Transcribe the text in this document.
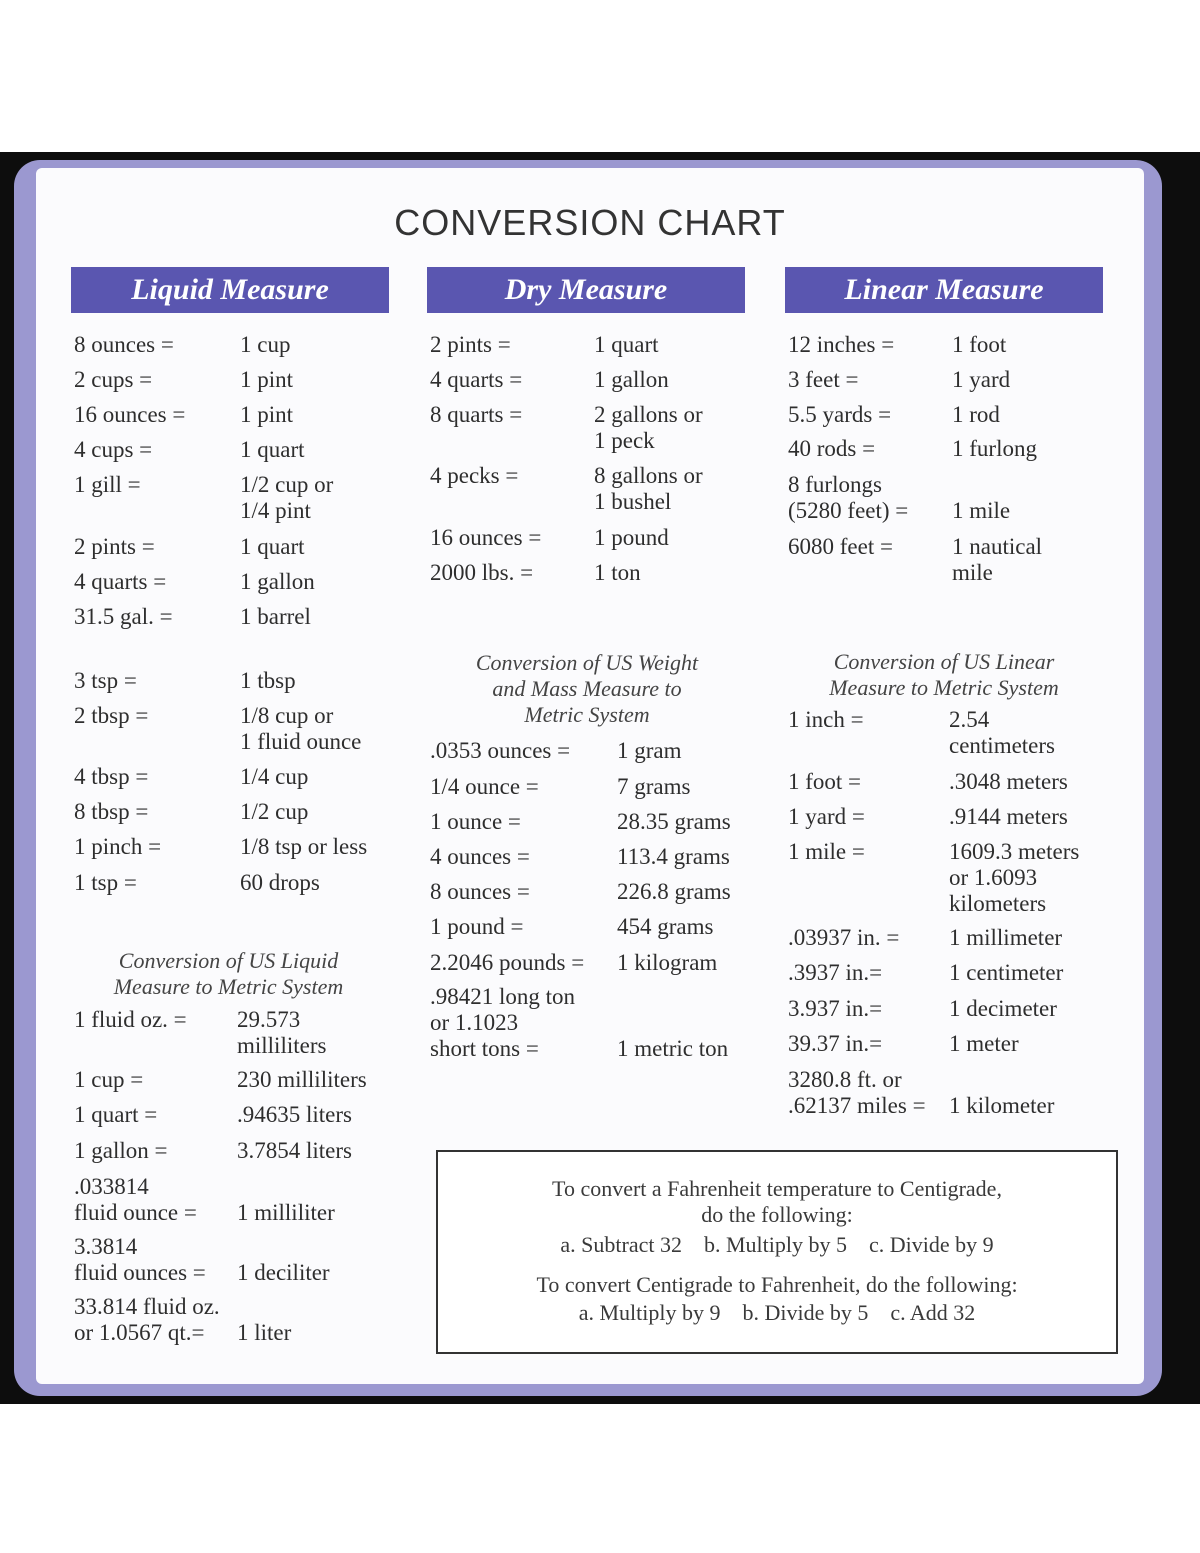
CONVERSION CHART
Liquid Measure	Dry Measure	Linear Measure
8 ounces =	1 cup
2 cups =	1 pint
16 ounces = 1 pint
4 cups =	1 quart
1 gill =	1/2 cup or
1/4 pint
2 pints =	1 quart
4 quarts =	1 gallon
31.5 gal. =	1 barrel
3 tsp =	1 tbsp
2 tbsp =	1/8 cup or
1 fluid ounce
4 tbsp =	1/4 cup
8 tbsp =	1/2 cup
1 pinch =	1/8 tsp or less
1 tsp =	60 drops
Conversion of US Liquid
Measure to Metric System
1 fluid oz. = 29.573
milliliters
1 cup =	230 milliliters
1 quart =	.94635 liters
1 gallon =	3.7854 liters
.033814
fluid ounce = 1 milliliter
3.3814
fluid ounces = 1 deciliter
33.814 fluid oz.
or 1.0567 qt.=	1 liter
2 pints =	1 quart
4 quarts =	1 gallon
8 quarts =	2 gallons or
1 peck
4 pecks =	8 gallons or
1 bushel
16 ounces = 1 pound
2000 lbs. =	1 ton
Conversion of US Weight
and Mass Measure to
Metric System
.0353 ounces = 1 gram
1/4 ounce =	7 grams
1 ounce =	28.35 grams
4 ounces =	113.4 grams
8 ounces =	226.8 grams
1 pound =	454 grams
2.2046 pounds = 1 kilogram
.98421 long ton
or 1.1023
short tons =	1 metric ton
12 inches =	1 foot
3 feet =	1 yard
5.5 yards =	1 rod
40 rods =	1 furlong
8 furlongs
(5280 feet) = 1 mile
6080 feet =	1 nautical
mile
Conversion of US Linear
Measure to Metric System
1 inch =	2.54
centimeters
1 foot =	.3048 meters
1 yard =	.9144 meters
1 mile =	1609.3 meters
or 1.6093
kilometers
.03937 in. = 1 millimeter
.3937 in.=	1 centimeter
3.937 in.=	1 decimeter
39.37 in.=	1 meter
3280.8 ft. or
.62137 miles = 1 kilometer
To convert a Fahrenheit temperature to Centigrade,
do the following:
a. Subtract 32    b. Multiply by 5    c. Divide by 9
To convert Centigrade to Fahrenheit, do the following:
a. Multiply by 9    b. Divide by 5    c. Add 32
